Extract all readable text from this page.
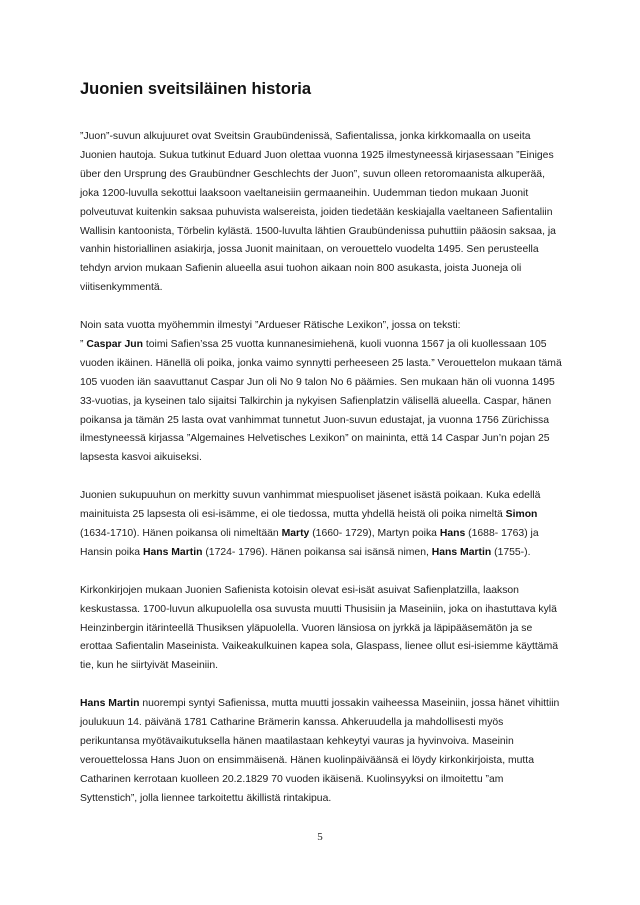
Juonien sveitsiläinen historia

”Juon”-suvun alkujuuret ovat Sveitsin Graubündenissä, Safientalissa, jonka kirkkomaalla on useita Juonien hautoja. Sukua tutkinut Eduard Juon olettaa vuonna 1925 ilmestyneessä kirjasessaan ”Einiges über den Ursprung des Graubündner Geschlechts der Juon”, suvun olleen retoromaanista alkuperää, joka 1200-luvulla sekottui laaksoon vaeltaneisiin germaaneihin. Uudemman tiedon mukaan Juonit polveutuvat kuitenkin saksaa puhuvista walsereista, joiden tiedetään keskiajalla vaeltaneen Safientaliin Wallisin kantoonista, Törbelin kylästä. 1500-luvulta lähtien Graubündenissa puhuttiin pääosin saksaa, ja vanhin historiallinen asiakirja, jossa Juonit mainitaan, on verouettelo vuodelta 1495. Sen perusteella tehdyn arvion mukaan Safienin alueella asui tuohon aikaan noin 800 asukasta, joista Juoneja oli viitisenkymmentä.

Noin sata vuotta myöhemmin ilmestyi ”Ardueser Rätische Lexikon”, jossa on teksti:
” Caspar Jun toimi Safien’ssa 25 vuotta kunnanesimiehenä, kuoli vuonna 1567 ja oli kuollessaan 105 vuoden ikäinen. Hänellä oli poika, jonka vaimo synnytti perheeseen 25 lasta.” Verouettelon mukaan tämä 105 vuoden iän saavuttanut Caspar Jun oli No 9 talon No 6 päämies. Sen mukaan hän oli vuonna 1495 33-vuotias, ja kyseinen talo sijaitsi Talkirchin ja nykyisen Safienplatzin välisellä alueella. Caspar, hänen poikansa ja tämän 25 lasta ovat vanhimmat tunnetut Juon-suvun edustajat, ja vuonna 1756 Zürichissa ilmestyneessä kirjassa ”Algemaines Helvetisches Lexikon” on maininta, että 14 Caspar Jun’n pojan 25 lapsesta kasvoi aikuiseksi.

Juonien sukupuuhun on merkitty suvun vanhimmat miespuoliset jäsenet isästä poikaan. Kuka edellä mainituista 25 lapsesta oli esi-isämme, ei ole tiedossa, mutta yhdellä heistä oli poika nimeltä Simon (1634-1710). Hänen poikansa oli nimeltään Marty (1660- 1729), Martyn poika Hans (1688- 1763) ja Hansin poika Hans Martin (1724- 1796). Hänen poikansa sai isänsä nimen, Hans Martin (1755-).

Kirkonkirjojen mukaan Juonien Safienista kotoisin olevat esi-isät asuivat Safienplatzilla, laakson keskustassa. 1700-luvun alkupuolella osa suvusta muutti Thusisiin ja Maseiniin, joka on ihastuttava kylä Heinzinbergin itärinteellä Thusiksen yläpuolella. Vuoren länsiosa on jyrkkä ja läpipääsemätön ja se erottaa Safientalin Maseinista. Vaikeakulkuinen kapea sola, Glaspass, lienee ollut esi-isiemme käyttämä tie, kun he siirtyivät Maseiniin.

Hans Martin nuorempi syntyi Safienissa, mutta muutti jossakin vaiheessa Maseiniin, jossa hänet vihittiin joulukuun 14. päivänä 1781 Catharine Brämerin kanssa. Ahkeruudella ja mahdollisesti myös perikuntansa myötävaikutuksella hänen maatilastaan kehkeytyi vauras ja hyvinvoiva. Maseinin verouettelossa Hans Juon on ensimmäisenä. Hänen kuolinpäiväänsä ei löydy kirkonkirjoista, mutta Catharinen kerrotaan kuolleen 20.2.1829 70 vuoden ikäisenä. Kuolinsyyksi on ilmoitettu ”am Syttenstich”, jolla liennee tarkoitettu äkillistä rintakipua.

5
